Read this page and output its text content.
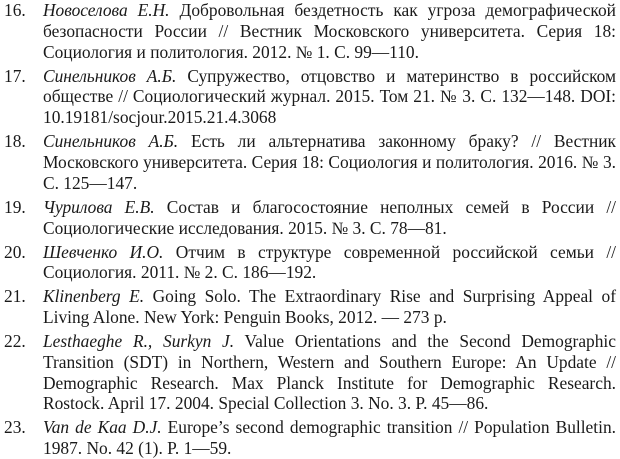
16. Новоселова Е.Н. Добровольная бездетность как угроза демографической безопасности России // Вестник Московского университета. Серия 18: Социология и политология. 2012. № 1. С. 99—110.
17. Синельников А.Б. Супружество, отцовство и материнство в российском обществе // Социологический журнал. 2015. Том 21. № 3. С. 132—148. DOI: 10.19181/socjour.2015.21.4.3068
18. Синельников А.Б. Есть ли альтернатива законному браку? // Вестник Московского университета. Серия 18: Социология и политология. 2016. № 3. С. 125—147.
19. Чурилова Е.В. Состав и благосостояние неполных семей в России // Социологические исследования. 2015. № 3. С. 78—81.
20. Шевченко И.О. Отчим в структуре современной российской семьи // Социология. 2011. № 2. С. 186—192.
21. Klinenberg E. Going Solo. The Extraordinary Rise and Surprising Appeal of Living Alone. New York: Penguin Books, 2012. — 273 p.
22. Lesthaeghe R., Surkyn J. Value Orientations and the Second Demographic Transition (SDT) in Northern, Western and Southern Europe: An Update // Demographic Research. Max Planck Institute for Demographic Research. Rostock. April 17. 2004. Special Collection 3. No. 3. P. 45—86.
23. Van de Kaa D.J. Europe’s second demographic transition // Population Bulletin. 1987. No. 42 (1). P. 1—59.
